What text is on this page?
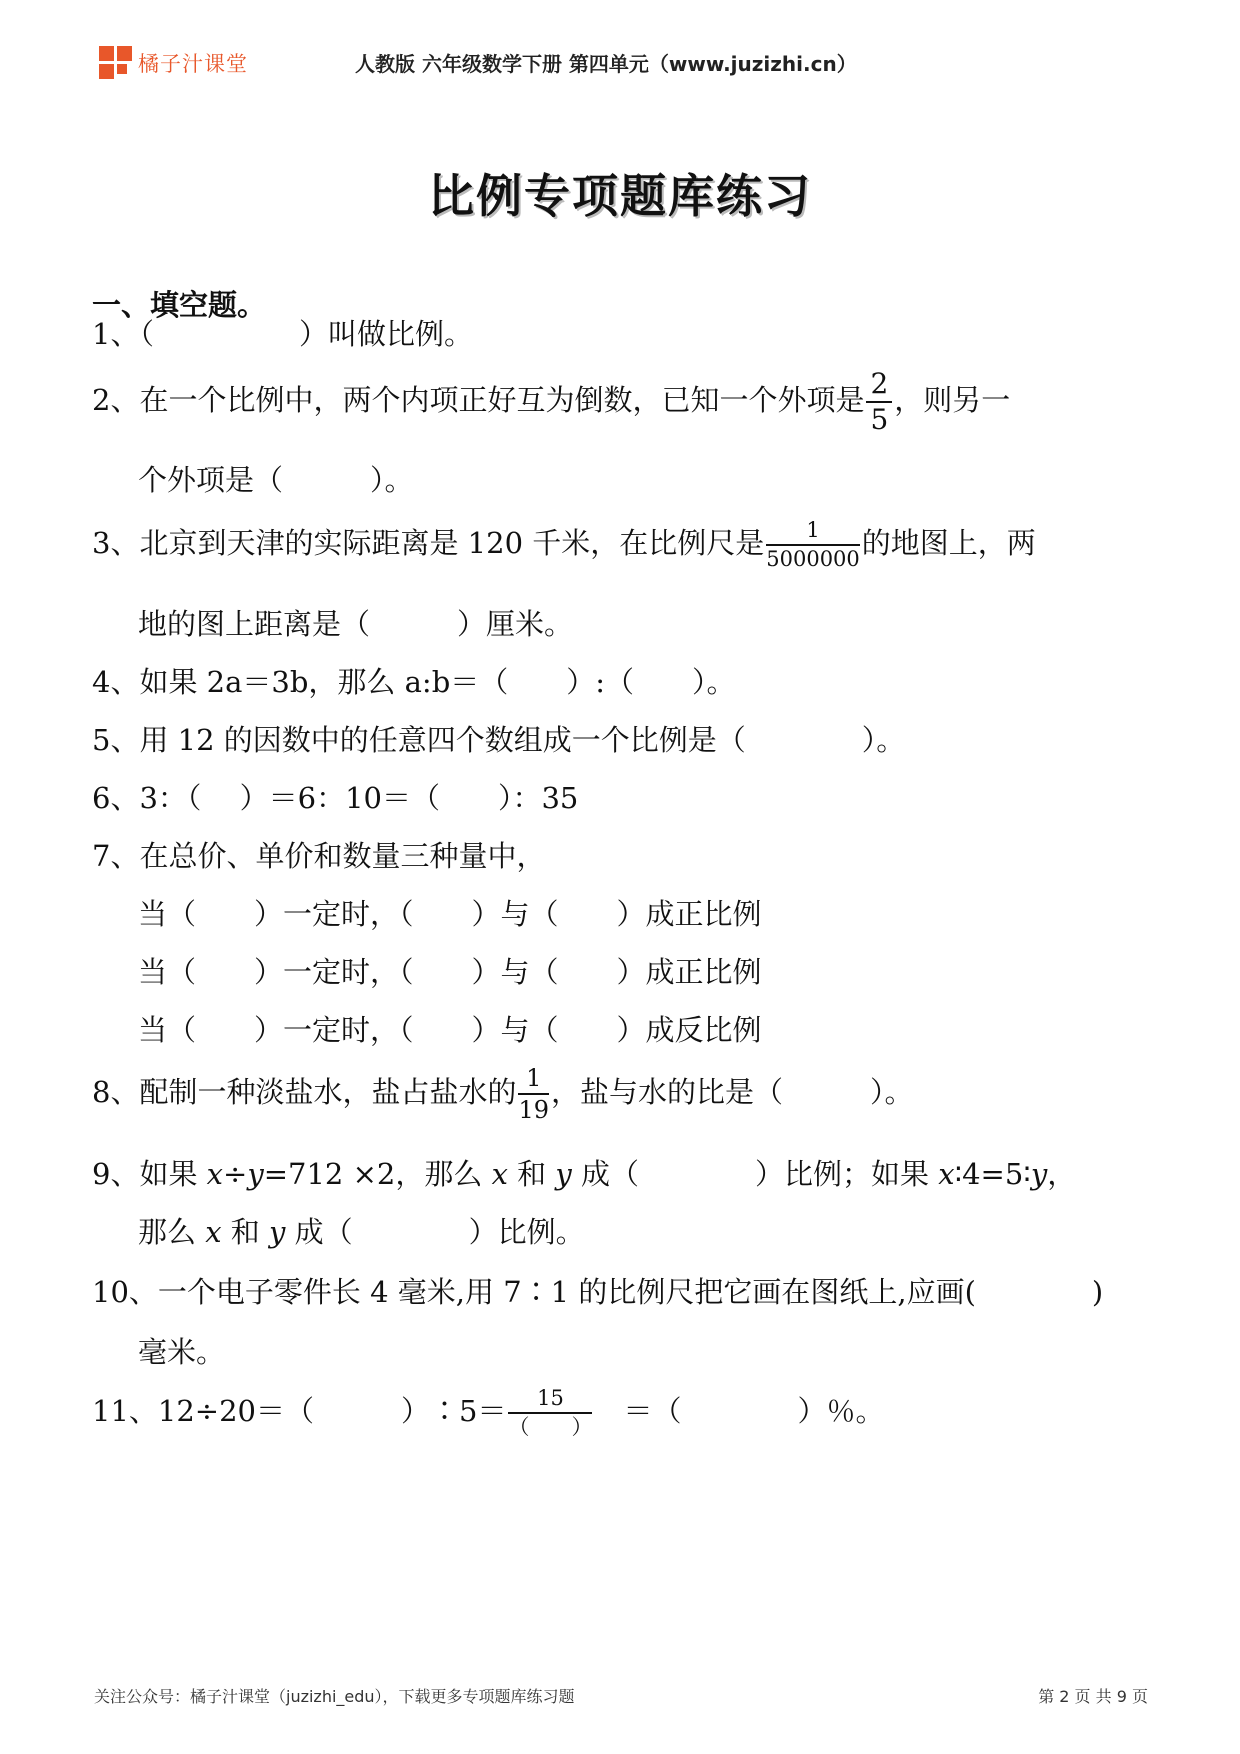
橘子汁课堂	人教版 六年级数学下册 第四单元（www.juzizhi.cn）
比例专项题库练习
一、填空题。
1、（　　　　　）叫做比例。
2、在一个比例中，两个内项正好互为倒数，已知一个外项是 $\frac{2}{5}$ ，则另一
个外项是（　　　）。
3、北京到天津的实际距离是 120 千米，在比例尺是 $\frac{1}{5000000}$ 的地图上，两
地的图上距离是（　　　）厘米。
4、如果 2a＝3b，那么 a:b＝（　　）:（　　）。
5、用 12 的因数中的任意四个数组成一个比例是（　　　　）。
6、3：（　 ）＝6：10＝（　　）：35
7、在总价、单价和数量三种量中，
当（　　）一定时，（　　）与（　　）成正比例
当（　　）一定时，（　　）与（　　）成正比例
当（　　）一定时，（　　）与（　　）成反比例
8、配制一种淡盐水，盐占盐水的 $\frac{1}{19}$ ，盐与水的比是（　　　）。
9、如果 x÷y=712 ×2，那么 x 和 y 成（　　　　）比例；如果 x∶4=5∶y，
那么 x 和 y 成（　　　　）比例。
10、一个电子零件长 4 毫米,用 7∶1 的比例尺把它画在图纸上,应画(　　　　)
毫米。
11、12÷20＝（　　　）∶5＝ $\frac{15}{( )}$ 　＝（　　　　）％。
关注公众号：橘子汁课堂（juzizhi_edu），下载更多专项题库练习题	第 2 页 共 9 页
